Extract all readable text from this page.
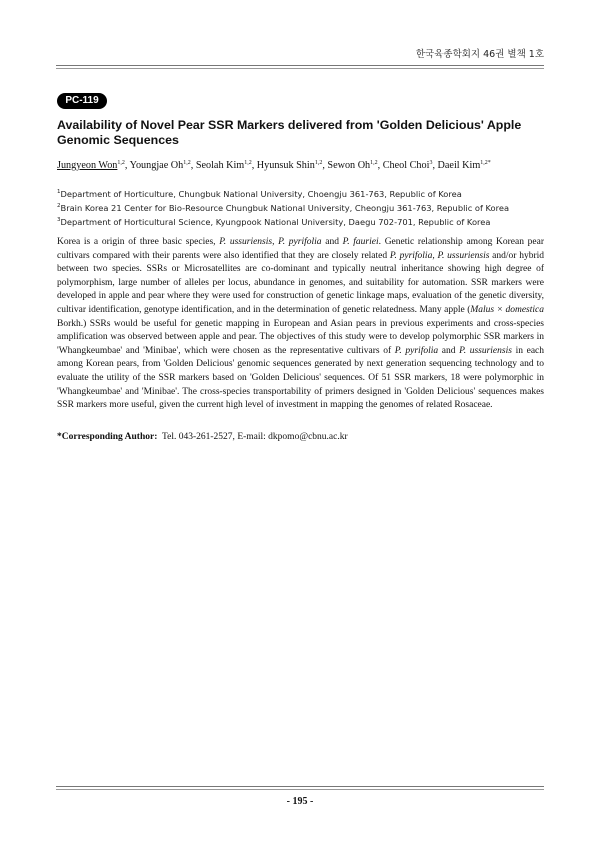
한국육종학회지 46권 별책 1호
PC-119
Availability of Novel Pear SSR Markers delivered from 'Golden Delicious' Apple Genomic Sequences
Jungyeon Won$^{1,2}$, Youngjae Oh$^{1,2}$, Seolah Kim$^{1,2}$, Hyunsuk Shin$^{1,2}$, Sewon Oh$^{1,2}$, Cheol Choi$^3$, Daeil Kim$^{1,2*}$
$^1$Department of Horticulture, Chungbuk National University, Choengju 361-763, Republic of Korea
$^2$Brain Korea 21 Center for Bio-Resource Chungbuk National University, Cheongju 361-763, Republic of Korea
$^3$Department of Horticultural Science, Kyungpook National University, Daegu 702-701, Republic of Korea
Korea is a origin of three basic species, P. ussuriensis, P. pyrifolia and P. fauriei. Genetic relationship among Korean pear cultivars compared with their parents were also identified that they are closely related P. pyrifolia, P. ussuriensis and/or hybrid between two species. SSRs or Microsatellites are co-dominant and typically neutral inheritance showing high degree of polymorphism, large number of alleles per locus, abundance in genomes, and suitability for automation. SSR markers were developed in apple and pear where they were used for construction of genetic linkage maps, evaluation of the genetic diversity, cultivar identification, genotype identification, and in the determination of genetic relatedness. Many apple (Malus × domestica Borkh.) SSRs would be useful for genetic mapping in European and Asian pears in previous experiments and cross-species amplification was observed between apple and pear. The objectives of this study were to develop polymorphic SSR markers in 'Whangkeumbae' and 'Minibae', which were chosen as the representative cultivars of P. pyrifolia and P. ussuriensis in each among Korean pears, from 'Golden Delicious' genomic sequences generated by next generation sequencing technology and to evaluate the utility of the SSR markers based on 'Golden Delicious' sequences. Of 51 SSR markers, 18 were polymorphic in 'Whangkeumbae' and 'Minibae'. The cross-species transportability of primers designed in 'Golden Delicious' sequences makes SSR markers more useful, given the current high level of investment in mapping the genomes of related Rosaceae.
*Corresponding Author: Tel. 043-261-2527, E-mail: dkpomo@cbnu.ac.kr
- 195 -
